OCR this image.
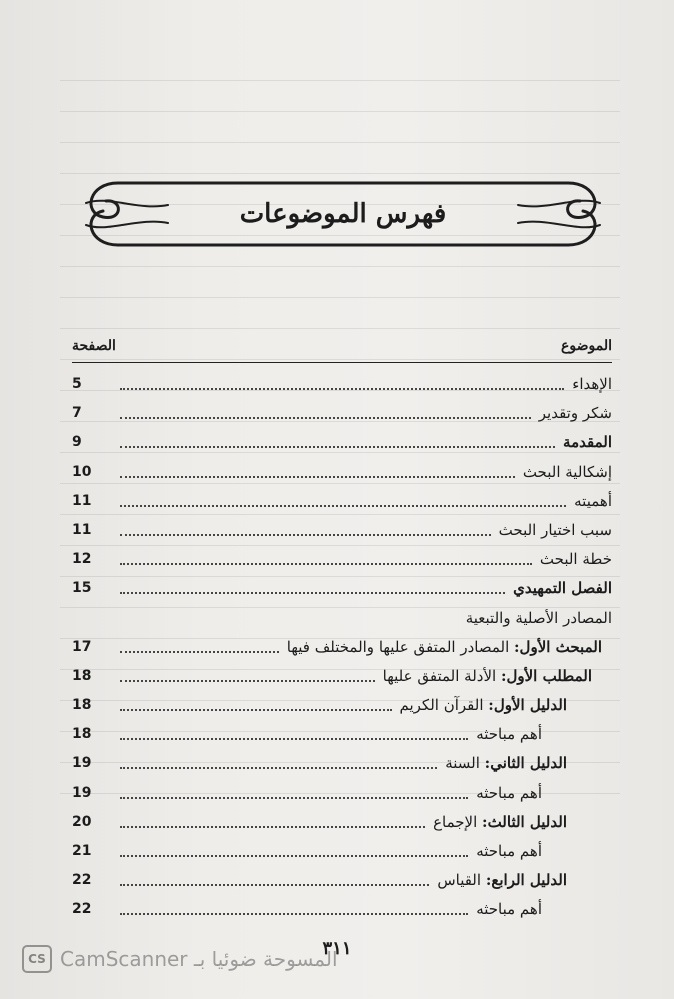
فهرس الموضوعات
الموضوع
الصفحة
الإهداء
5
شكر وتقدير
7
المقدمة
9
إشكالية البحث
10
أهميته
11
سبب اختيار البحث
11
خطة البحث
12
الفصل التمهيدي
15
المصادر الأصلية والتبعية
المبحث الأول: المصادر المتفق عليها والمختلف فيها
17
المطلب الأول: الأدلة المتفق عليها
18
الدليل الأول: القرآن الكريم
18
أهم مباحثه
18
الدليل الثاني: السنة
19
أهم مباحثه
19
الدليل الثالث: الإجماع
20
أهم مباحثه
21
الدليل الرابع: القياس
22
أهم مباحثه
22
٣١١
CS CamScanner المسوحة ضوئيا بـ
